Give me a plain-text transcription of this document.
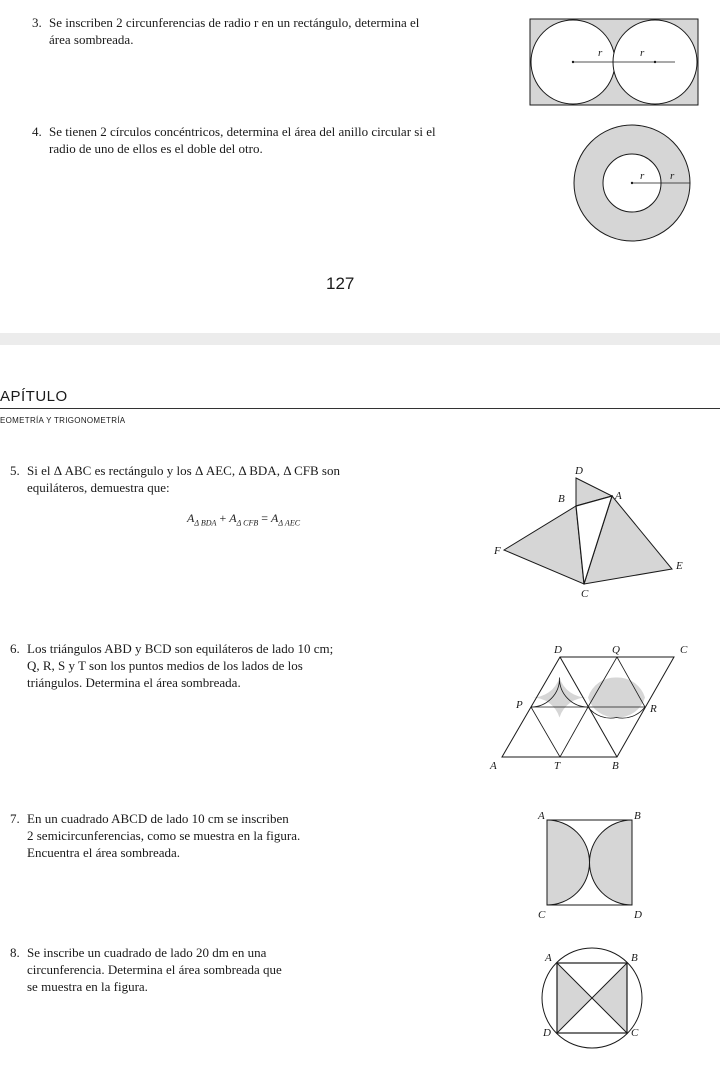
3. Se inscriben 2 circunferencias de radio r en un rectángulo, determina el
área sombreada.
r	r
4. Se tienen 2 círculos concéntricos, determina el área del anillo circular si el
radio de uno de ellos es el doble del otro.
r r
127
APÍTULO
EOMETRÍA Y TRIGONOMETRÍA
5. Si el Δ ABC es rectángulo y los Δ AEC, Δ BDA, Δ CFB son
equiláteros, demuestra que:
$A_{\Delta BDA} + A_{\Delta CFB} = A_{\Delta AEC}$
D
B	A
F
E
C
6. Los triángulos ABD y BCD son equiláteros de lado 10 cm;
Q, R, S y T son los puntos medios de los lados de los
triángulos. Determina el área sombreada.
D	Q	C
P	R
A	T	B
7. En un cuadrado ABCD de lado 10 cm se inscriben
2 semicircunferencias, como se muestra en la figura.
Encuentra el área sombreada.
A	B
C	D
8. Se inscribe un cuadrado de lado 20 dm en una
circunferencia. Determina el área sombreada que
se muestra en la figura.
A	B
C
D
